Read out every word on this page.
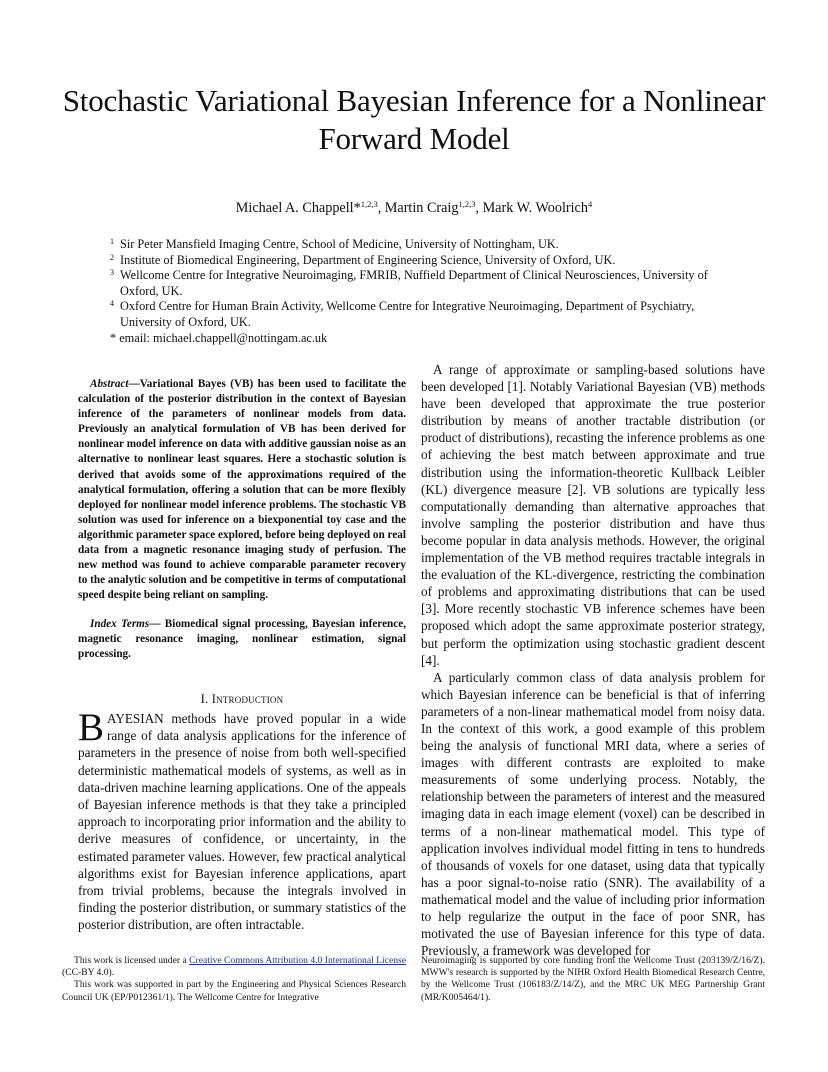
Stochastic Variational Bayesian Inference for a Nonlinear Forward Model
Michael A. Chappell*$^{1,2,3}$, Martin Craig$^{1,2,3}$, Mark W. Woolrich$^4$
1 Sir Peter Mansfield Imaging Centre, School of Medicine, University of Nottingham, UK.
2 Institute of Biomedical Engineering, Department of Engineering Science, University of Oxford, UK.
3 Wellcome Centre for Integrative Neuroimaging, FMRIB, Nuffield Department of Clinical Neurosciences, University of Oxford, UK.
4 Oxford Centre for Human Brain Activity, Wellcome Centre for Integrative Neuroimaging, Department of Psychiatry, University of Oxford, UK.
* email: michael.chappell@nottingam.ac.uk

Abstract—Variational Bayes (VB) has been used to facilitate the calculation of the posterior distribution in the context of Bayesian inference of the parameters of nonlinear models from data. Previously an analytical formulation of VB has been derived for nonlinear model inference on data with additive gaussian noise as an alternative to nonlinear least squares. Here a stochastic solution is derived that avoids some of the approximations required of the analytical formulation, offering a solution that can be more flexibly deployed for nonlinear model inference problems. The stochastic VB solution was used for inference on a biexponential toy case and the algorithmic parameter space explored, before being deployed on real data from a magnetic resonance imaging study of perfusion. The new method was found to achieve comparable parameter recovery to the analytic solution and be competitive in terms of computational speed despite being reliant on sampling.

Index Terms— Biomedical signal processing, Bayesian inference, magnetic resonance imaging, nonlinear estimation, signal processing.

I. Introduction

BAYESIAN methods have proved popular in a wide range of data analysis applications for the inference of parameters in the presence of noise from both well-specified deterministic mathematical models of systems, as well as in data-driven machine learning applications. One of the appeals of Bayesian inference methods is that they take a principled approach to incorporating prior information and the ability to derive measures of confidence, or uncertainty, in the estimated parameter values. However, few practical analytical algorithms exist for Bayesian inference applications, apart from trivial problems, because the integrals involved in finding the posterior distribution, or summary statistics of the posterior distribution, are often intractable.

A range of approximate or sampling-based solutions have been developed [1]. Notably Variational Bayesian (VB) methods have been developed that approximate the true posterior distribution by means of another tractable distribution (or product of distributions), recasting the inference problems as one of achieving the best match between approximate and true distribution using the information-theoretic Kullback Leibler (KL) divergence measure [2]. VB solutions are typically less computationally demanding than alternative approaches that involve sampling the posterior distribution and have thus become popular in data analysis methods. However, the original implementation of the VB method requires tractable integrals in the evaluation of the KL-divergence, restricting the combination of problems and approximating distributions that can be used [3]. More recently stochastic VB inference schemes have been proposed which adopt the same approximate posterior strategy, but perform the optimization using stochastic gradient descent [4].

A particularly common class of data analysis problem for which Bayesian inference can be beneficial is that of inferring parameters of a non-linear mathematical model from noisy data. In the context of this work, a good example of this problem being the analysis of functional MRI data, where a series of images with different contrasts are exploited to make measurements of some underlying process. Notably, the relationship between the parameters of interest and the measured imaging data in each image element (voxel) can be described in terms of a non-linear mathematical model. This type of application involves individual model fitting in tens to hundreds of thousands of voxels for one dataset, using data that typically has a poor signal-to-noise ratio (SNR). The availability of a mathematical model and the value of including prior information to help regularize the output in the face of poor SNR, has motivated the use of Bayesian inference for this type of data. Previously, a framework was developed for

This work is licensed under a Creative Commons Attribution 4.0 International License (CC-BY 4.0).

This work was supported in part by the Engineering and Physical Sciences Research Council UK (EP/P012361/1). The Wellcome Centre for Integrative

Neuroimaging is supported by core funding from the Wellcome Trust (203139/Z/16/Z). MWW's research is supported by the NIHR Oxford Health Biomedical Research Centre, by the Wellcome Trust (106183/Z/14/Z), and the MRC UK MEG Partnership Grant (MR/K005464/1).
